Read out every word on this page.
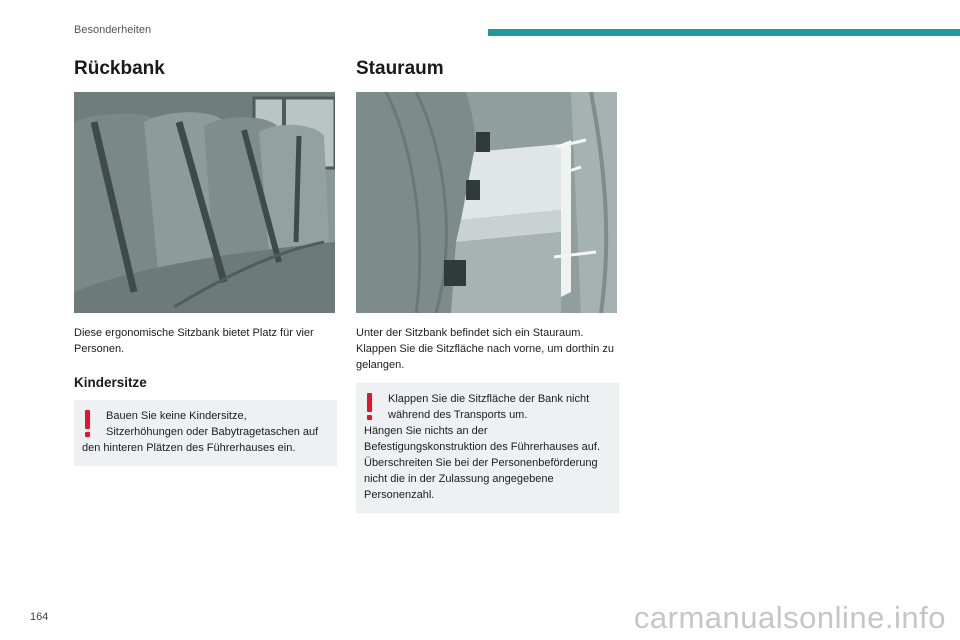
Besonderheiten
Rückbank

Diese ergonomische Sitzbank bietet Platz für vier Personen.

Kindersitze
Bauen Sie keine Kindersitze,
Sitzerhöhungen oder Babytragetaschen auf
den hinteren Plätzen des Führerhauses ein.
Stauraum

Unter der Sitzbank befindet sich ein Stauraum. Klappen Sie die Sitzfläche nach vorne, um dorthin zu gelangen.

Klappen Sie die Sitzfläche der Bank nicht
während des Transports um.
Hängen Sie nichts an der Befestigungskonstruktion des Führerhauses auf.
Überschreiten Sie bei der Personenbeförderung nicht die in der Zulassung angegebene Personenzahl.
164	carmanualsonline.info
